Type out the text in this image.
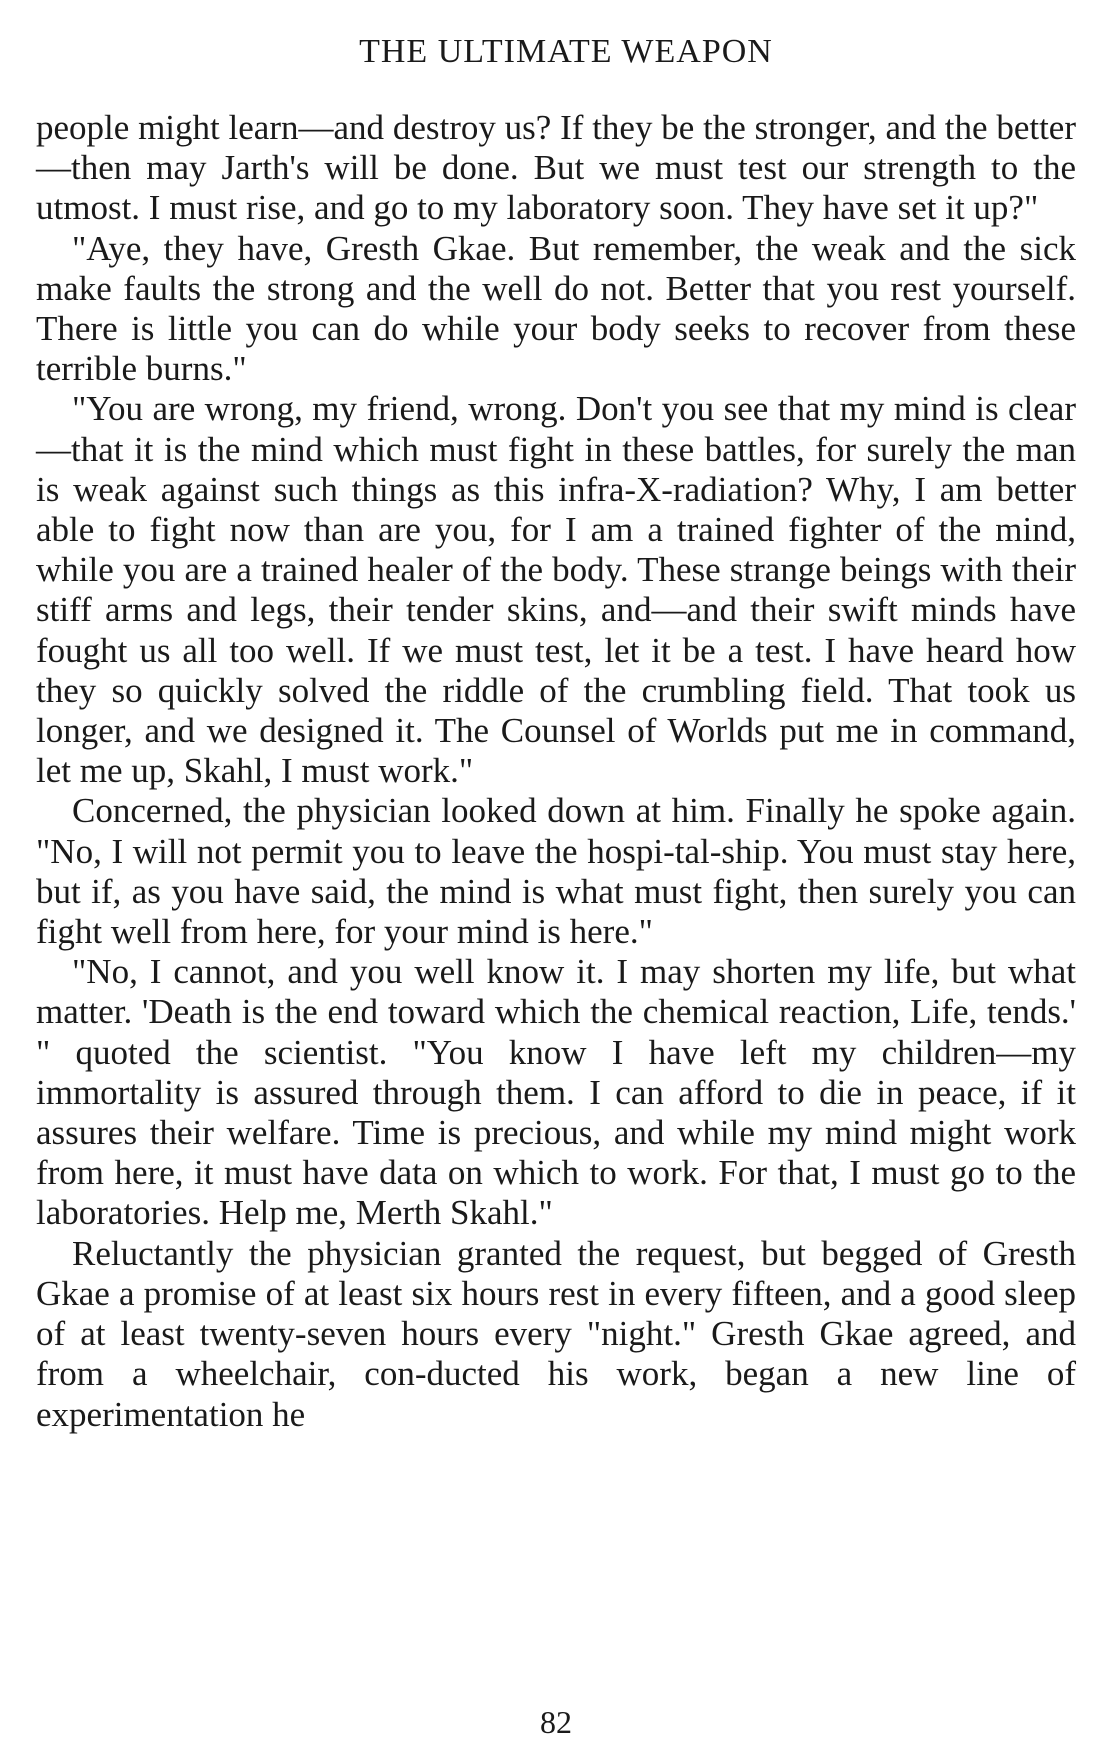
THE ULTIMATE WEAPON

people might learn—and destroy us? If they be the stronger, and the better—then may Jarth's will be done. But we must test our strength to the utmost. I must rise, and go to my laboratory soon. They have set it up?"

"Aye, they have, Gresth Gkae. But remember, the weak and the sick make faults the strong and the well do not. Better that you rest yourself. There is little you can do while your body seeks to recover from these terrible burns."

"You are wrong, my friend, wrong. Don't you see that my mind is clear—that it is the mind which must fight in these battles, for surely the man is weak against such things as this infra-X-radiation? Why, I am better able to fight now than are you, for I am a trained fighter of the mind, while you are a trained healer of the body. These strange beings with their stiff arms and legs, their tender skins, and—and their swift minds have fought us all too well. If we must test, let it be a test. I have heard how they so quickly solved the riddle of the crumbling field. That took us longer, and we designed it. The Counsel of Worlds put me in command, let me up, Skahl, I must work."

Concerned, the physician looked down at him. Finally he spoke again. "No, I will not permit you to leave the hospi-tal-ship. You must stay here, but if, as you have said, the mind is what must fight, then surely you can fight well from here, for your mind is here."

"No, I cannot, and you well know it. I may shorten my life, but what matter. 'Death is the end toward which the chemical reaction, Life, tends.' " quoted the scientist. "You know I have left my children—my immortality is assured through them. I can afford to die in peace, if it assures their welfare. Time is precious, and while my mind might work from here, it must have data on which to work. For that, I must go to the laboratories. Help me, Merth Skahl."

Reluctantly the physician granted the request, but begged of Gresth Gkae a promise of at least six hours rest in every fifteen, and a good sleep of at least twenty-seven hours every "night." Gresth Gkae agreed, and from a wheelchair, con-ducted his work, began a new line of experimentation he

82
